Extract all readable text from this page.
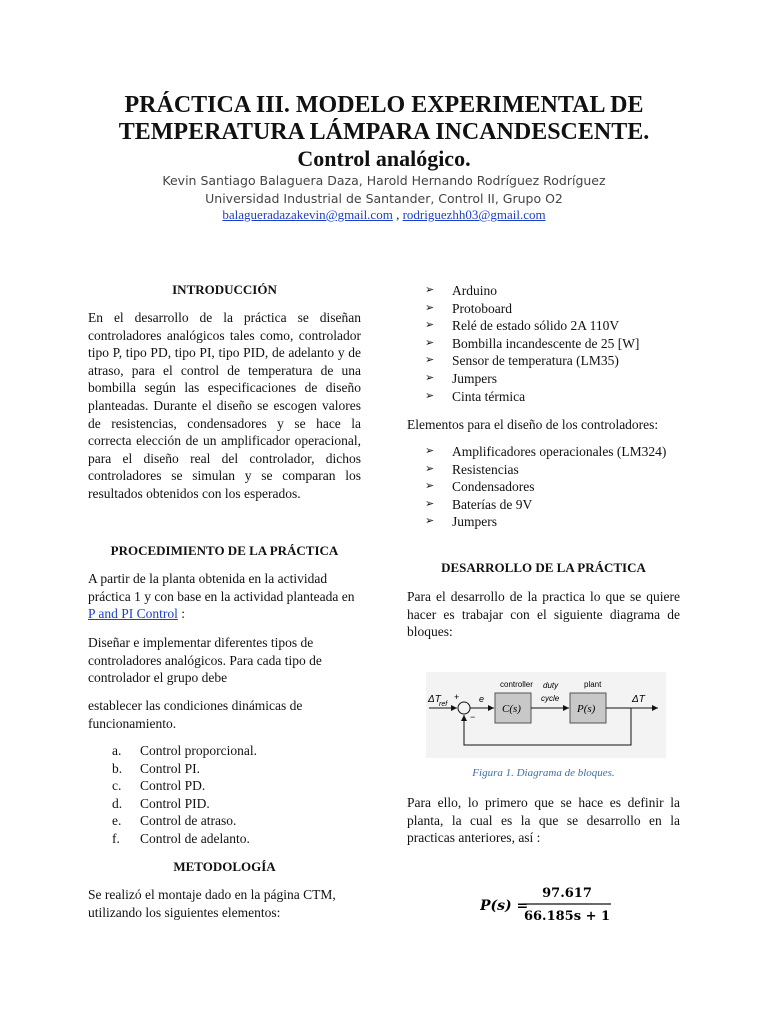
PRÁCTICA III. MODELO EXPERIMENTAL DE TEMPERATURA LÁMPARA INCANDESCENTE.
Control analógico.
Kevin Santiago Balaguera Daza, Harold Hernando Rodríguez Rodríguez
Universidad Industrial de Santander, Control II, Grupo O2
balagueradazakevin@gmail.com , rodriguezhh03@gmail.com
INTRODUCCIÓN
En el desarrollo de la práctica se diseñan controladores analógicos tales como, controlador tipo P, tipo PD, tipo PI, tipo PID, de adelanto y de atraso, para el control de temperatura de una bombilla según las especificaciones de diseño planteadas. Durante el diseño se escogen valores de resistencias, condensadores y se hace la correcta elección de un amplificador operacional, para el diseño real del controlador, dichos controladores se simulan y se comparan los resultados obtenidos con los esperados.
PROCEDIMIENTO DE LA PRÁCTICA
A partir de la planta obtenida en la actividad práctica 1 y con base en la actividad planteada en P and PI Control :
Diseñar e implementar diferentes tipos de controladores analógicos. Para cada tipo de controlador el grupo debe
establecer las condiciones dinámicas de funcionamiento.
a.	Control proporcional.
b.	Control PI.
c.	Control PD.
d.	Control PID.
e.	Control de atraso.
f.	Control de adelanto.
METODOLOGÍA
Se realizó el montaje dado en la página CTM, utilizando los siguientes elementos:
➢	Arduino
➢	Protoboard
➢	Relé de estado sólido 2A 110V
➢	Bombilla incandescente de 25 [W]
➢	Sensor de temperatura (LM35)
➢	Jumpers
➢	Cinta térmica
Elementos para el diseño de los controladores:
➢	Amplificadores operacionales (LM324)
➢	Resistencias
➢	Condensadores
➢	Baterías de 9V
➢	Jumpers
DESARROLLO DE LA PRÁCTICA
Para el desarrollo de la practica lo que se quiere hacer es trabajar con el siguiente diagrama de bloques:
Para ello, lo primero que se hace es definir la planta, la cual es la que se desarrollo en la practicas anteriores, así :
ΔT
ref
+
−
e
controller
C(s)
duty
cycle
plant
P(s)
ΔT
Figura 1. Diagrama de bloques.
P(s) =
97.617
66.185s + 1
